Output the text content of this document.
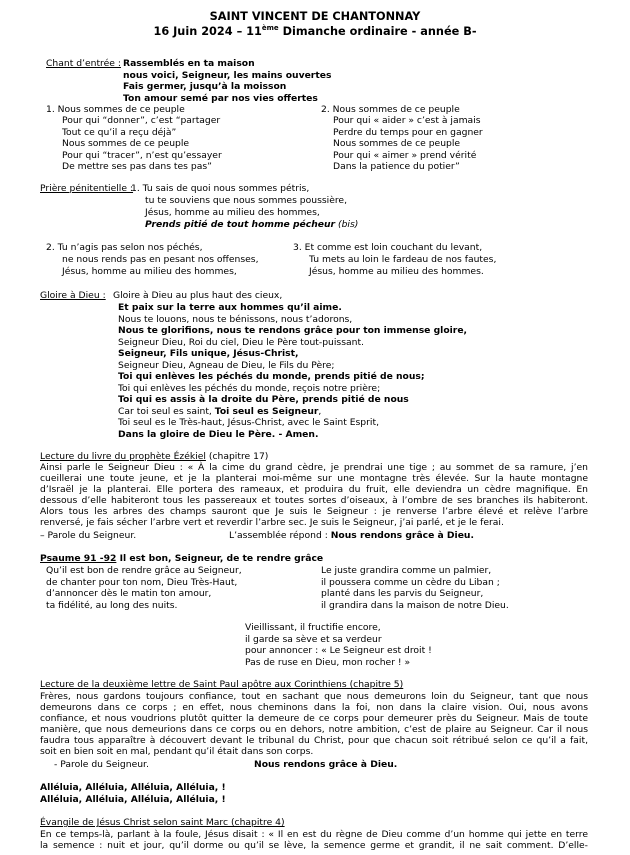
SAINT VINCENT DE CHANTONNAY
16 Juin 2024 – 11ème Dimanche ordinaire - année B-
Chant d’entrée : Rassemblés en ta maison
nous voici, Seigneur, les mains ouvertes
Fais germer, jusqu’à la moisson
Ton amour semé par nos vies offertes
1. Nous sommes de ce peuple
Pour qui “donner”, c’est “partager
Tout ce qu’il a reçu déjà”
Nous sommes de ce peuple
Pour qui “tracer”, n’est qu’essayer
De mettre ses pas dans tes pas”
2. Nous sommes de ce peuple
Pour qui « aider » c’est à jamais
Perdre du temps pour en gagner
Nous sommes de ce peuple
Pour qui « aimer » prend vérité
Dans la patience du potier”
Prière pénitentielle :
1. Tu sais de quoi nous sommes pétris,
tu te souviens que nous sommes poussière,
Jésus, homme au milieu des hommes,
Prends pitié de tout homme pécheur (bis)
2. Tu n’agis pas selon nos péchés,
ne nous rends pas en pesant nos offenses,
Jésus, homme au milieu des hommes,
3. Et comme est loin couchant du levant,
Tu mets au loin le fardeau de nos fautes,
Jésus, homme au milieu des hommes.
Gloire à Dieu : Gloire à Dieu au plus haut des cieux,
Et paix sur la terre aux hommes qu’il aime.
Nous te louons, nous te bénissons, nous t’adorons,
Nous te glorifions, nous te rendons grâce pour ton immense gloire,
Seigneur Dieu, Roi du ciel, Dieu le Père tout-puissant.
Seigneur, Fils unique, Jésus-Christ,
Seigneur Dieu, Agneau de Dieu, le Fils du Père;
Toi qui enlèves les péchés du monde, prends pitié de nous;
Toi qui enlèves les péchés du monde, reçois notre prière;
Toi qui es assis à la droite du Père, prends pitié de nous
Car toi seul es saint, Toi seul es Seigneur,
Toi seul es le Très-haut, Jésus-Christ, avec le Saint Esprit,
Dans la gloire de Dieu le Père. - Amen.
Lecture du livre du prophète Ézékiel (chapitre 17)
Ainsi parle le Seigneur Dieu : « À la cime du grand cèdre, je prendrai une tige ; au sommet de sa ramure, j’en
cueillerai une toute jeune, et je la planterai moi-même sur une montagne très élevée. Sur la haute montagne
d’Israël je la planterai. Elle portera des rameaux, et produira du fruit, elle deviendra un cèdre magnifique. En
dessous d’elle habiteront tous les passereaux et toutes sortes d’oiseaux, à l’ombre de ses branches ils habiteront.
Alors tous les arbres des champs sauront que Je suis le Seigneur : je renverse l’arbre élevé et relève l’arbre
renversé, je fais sécher l’arbre vert et reverdir l’arbre sec. Je suis le Seigneur, j’ai parlé, et je le ferai.
– Parole du Seigneur.	L’assemblée répond : Nous rendons grâce à Dieu.
Psaume 91 -92 Il est bon, Seigneur, de te rendre grâce
Qu’il est bon de rendre grâce au Seigneur,
de chanter pour ton nom, Dieu Très-Haut,
d’annoncer dès le matin ton amour,
ta fidélité, au long des nuits.
Le juste grandira comme un palmier,
il poussera comme un cèdre du Liban ;
planté dans les parvis du Seigneur,
il grandira dans la maison de notre Dieu.
Vieillissant, il fructifie encore,
il garde sa sève et sa verdeur
pour annoncer : « Le Seigneur est droit !
Pas de ruse en Dieu, mon rocher ! »
Lecture de la deuxième lettre de Saint Paul apôtre aux Corinthiens (chapitre 5)
Frères, nous gardons toujours confiance, tout en sachant que nous demeurons loin du Seigneur, tant que nous
demeurons dans ce corps ; en effet, nous cheminons dans la foi, non dans la claire vision. Oui, nous avons
confiance, et nous voudrions plutôt quitter la demeure de ce corps pour demeurer près du Seigneur. Mais de toute
manière, que nous demeurions dans ce corps ou en dehors, notre ambition, c’est de plaire au Seigneur. Car il nous
faudra tous apparaître à découvert devant le tribunal du Christ, pour que chacun soit rétribué selon ce qu’il a fait,
soit en bien soit en mal, pendant qu’il était dans son corps.
- Parole du Seigneur.	Nous rendons grâce à Dieu.
Alléluia, Alléluia, Alléluia, Alléluia, !
Alléluia, Alléluia, Alléluia, Alléluia, !
Évangile de Jésus Christ selon saint Marc (chapitre 4)
En ce temps-là, parlant à la foule, Jésus disait : « Il en est du règne de Dieu comme d’un homme qui jette en terre
la semence : nuit et jour, qu’il dorme ou qu’il se lève, la semence germe et grandit, il ne sait comment. D’elle-
